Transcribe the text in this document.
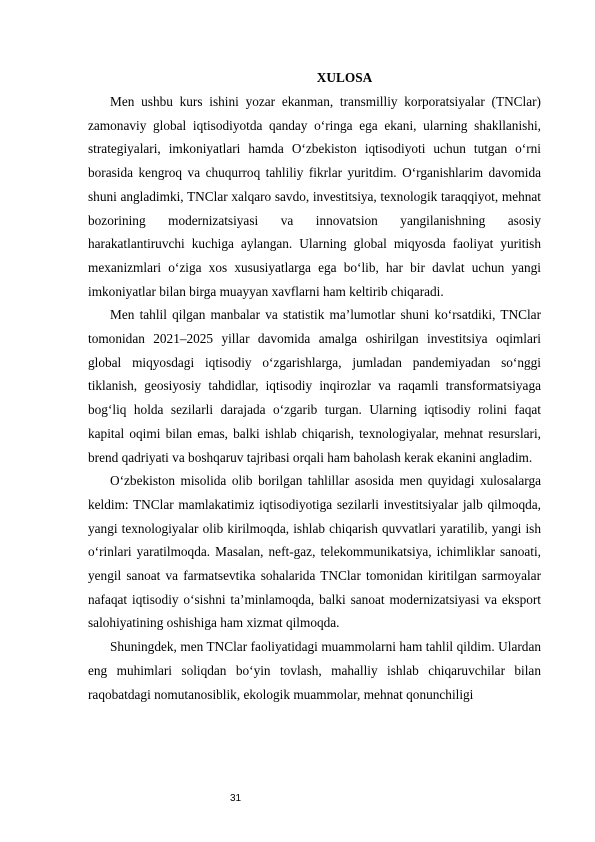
XULOSA

Men ushbu kurs ishini yozar ekanman, transmilliy korporatsiyalar (TNClar) zamonaviy global iqtisodiyotda qanday o‘ringa ega ekani, ularning shakllanishi, strategiyalari, imkoniyatlari hamda O‘zbekiston iqtisodiyoti uchun tutgan o‘rni borasida kengroq va chuqurroq tahliliy fikrlar yuritdim. O‘rganishlarim davomida shuni angladimki, TNClar xalqaro savdo, investitsiya, texnologik taraqqiyot, mehnat bozorining modernizatsiyasi va innovatsion yangilanishning asosiy harakatlantiruvchi kuchiga aylangan. Ularning global miqyosda faoliyat yuritish mexanizmlari o‘ziga xos xususiyatlarga ega bo‘lib, har bir davlat uchun yangi imkoniyatlar bilan birga muayyan xavflarni ham keltirib chiqaradi.

Men tahlil qilgan manbalar va statistik ma’lumotlar shuni ko‘rsatdiki, TNClar tomonidan 2021–2025 yillar davomida amalga oshirilgan investitsiya oqimlari global miqyosdagi iqtisodiy o‘zgarishlarga, jumladan pandemiyadan so‘nggi tiklanish, geosiyosiy tahdidlar, iqtisodiy inqirozlar va raqamli transformatsiyaga bog‘liq holda sezilarli darajada o‘zgarib turgan. Ularning iqtisodiy rolini faqat kapital oqimi bilan emas, balki ishlab chiqarish, texnologiyalar, mehnat resurslari, brend qadriyati va boshqaruv tajribasi orqali ham baholash kerak ekanini angladim.

O‘zbekiston misolida olib borilgan tahlillar asosida men quyidagi xulosalarga keldim: TNClar mamlakatimiz iqtisodiyotiga sezilarli investitsiyalar jalb qilmoqda, yangi texnologiyalar olib kirilmoqda, ishlab chiqarish quvvatlari yaratilib, yangi ish o‘rinlari yaratilmoqda. Masalan, neft-gaz, telekommunikatsiya, ichimliklar sanoati, yengil sanoat va farmatsevtika sohalarida TNClar tomonidan kiritilgan sarmoyalar nafaqat iqtisodiy o‘sishni ta’minlamoqda, balki sanoat modernizatsiyasi va eksport salohiyatining oshishiga ham xizmat qilmoqda.

Shuningdek, men TNClar faoliyatidagi muammolarni ham tahlil qildim. Ulardan eng muhimlari soliqdan bo‘yin tovlash, mahalliy ishlab chiqaruvchilar bilan raqobatdagi nomutanosiblik, ekologik muammolar, mehnat qonunchiligi

31
